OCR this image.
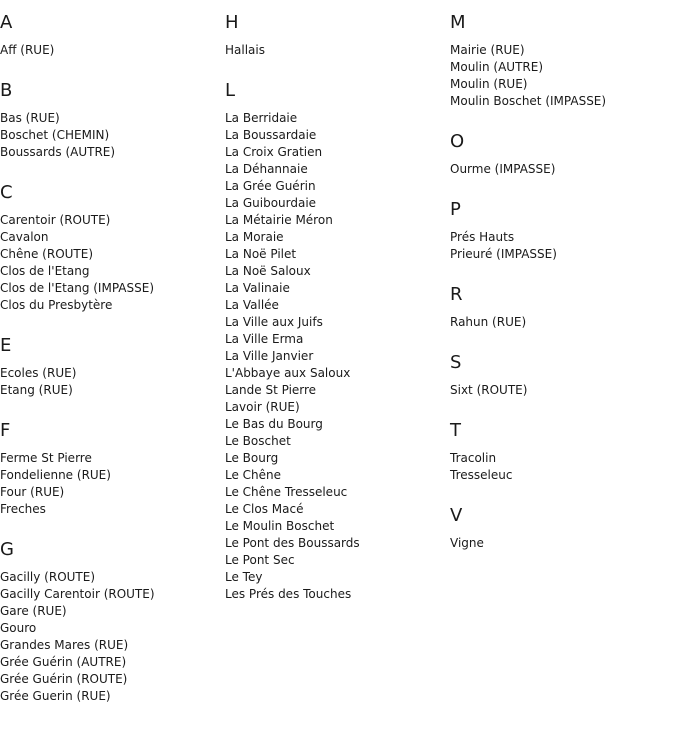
A
Aff (RUE)
B
Bas (RUE)
Boschet (CHEMIN)
Boussards (AUTRE)
C
Carentoir (ROUTE)
Cavalon
Chêne (ROUTE)
Clos de l'Etang
Clos de l'Etang (IMPASSE)
Clos du Presbytère
E
Ecoles (RUE)
Etang (RUE)
F
Ferme St Pierre
Fondelienne (RUE)
Four (RUE)
Freches
G
Gacilly (ROUTE)
Gacilly Carentoir (ROUTE)
Gare (RUE)
Gouro
Grandes Mares (RUE)
Grée Guérin (AUTRE)
Grée Guérin (ROUTE)
Grée Guerin (RUE)
H
Hallais
L
La Berridaie
La Boussardaie
La Croix Gratien
La Déhannaie
La Grée Guérin
La Guibourdaie
La Métairie Méron
La Moraie
La Noë Pilet
La Noë Saloux
La Valinaie
La Vallée
La Ville aux Juifs
La Ville Erma
La Ville Janvier
L'Abbaye aux Saloux
Lande St Pierre
Lavoir (RUE)
Le Bas du Bourg
Le Boschet
Le Bourg
Le Chêne
Le Chêne Tresseleuc
Le Clos Macé
Le Moulin Boschet
Le Pont des Boussards
Le Pont Sec
Le Tey
Les Prés des Touches
M
Mairie (RUE)
Moulin (AUTRE)
Moulin (RUE)
Moulin Boschet (IMPASSE)
O
Ourme (IMPASSE)
P
Prés Hauts
Prieuré (IMPASSE)
R
Rahun (RUE)
S
Sixt (ROUTE)
T
Tracolin
Tresseleuc
V
Vigne
